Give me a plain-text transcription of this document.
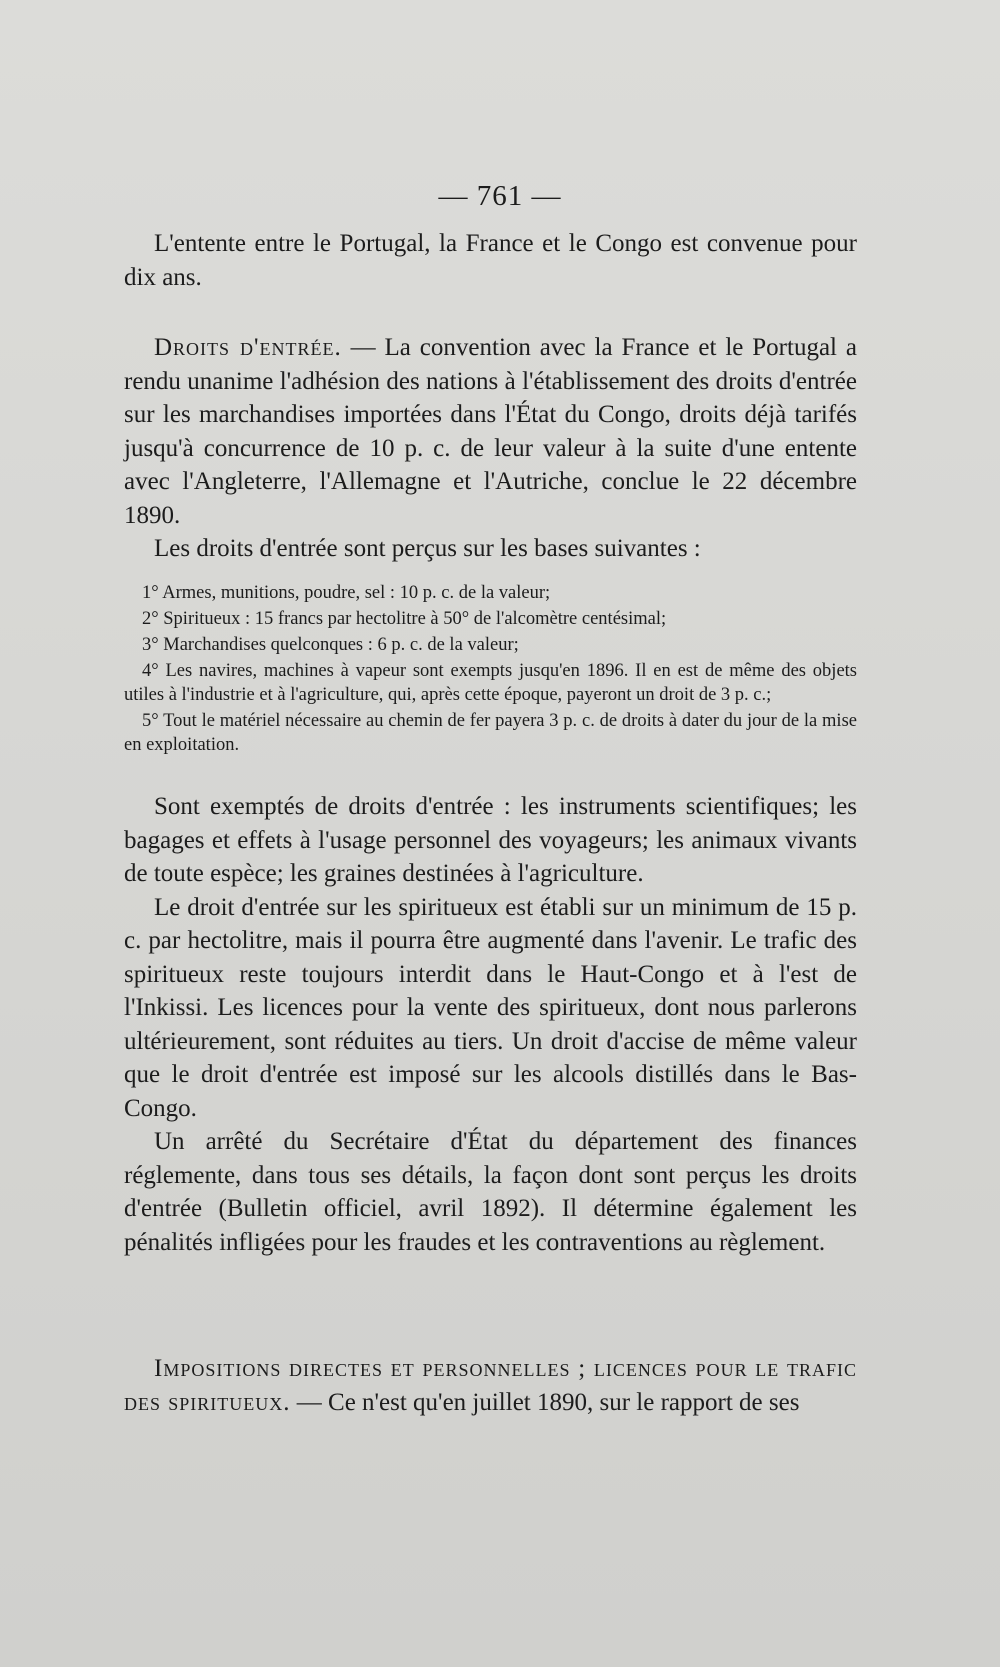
— 761 —

L'entente entre le Portugal, la France et le Congo est convenue pour dix ans.

Droits d'entrée. — La convention avec la France et le Portugal a rendu unanime l'adhésion des nations à l'établissement des droits d'entrée sur les marchandises importées dans l'État du Congo, droits déjà tarifés jusqu'à concurrence de 10 p. c. de leur valeur à la suite d'une entente avec l'Angleterre, l'Allemagne et l'Autriche, conclue le 22 décembre 1890.

Les droits d'entrée sont perçus sur les bases suivantes :

1° Armes, munitions, poudre, sel : 10 p. c. de la valeur;
2° Spiritueux : 15 francs par hectolitre à 50° de l'alcomètre centésimal;
3° Marchandises quelconques : 6 p. c. de la valeur;
4° Les navires, machines à vapeur sont exempts jusqu'en 1896. Il en est de même des objets utiles à l'industrie et à l'agriculture, qui, après cette époque, payeront un droit de 3 p. c.;
5° Tout le matériel nécessaire au chemin de fer payera 3 p. c. de droits à dater du jour de la mise en exploitation.

Sont exemptés de droits d'entrée : les instruments scientifiques; les bagages et effets à l'usage personnel des voyageurs; les animaux vivants de toute espèce; les graines destinées à l'agriculture.

Le droit d'entrée sur les spiritueux est établi sur un minimum de 15 p. c. par hectolitre, mais il pourra être augmenté dans l'avenir. Le trafic des spiritueux reste toujours interdit dans le Haut-Congo et à l'est de l'Inkissi. Les licences pour la vente des spiritueux, dont nous parlerons ultérieurement, sont réduites au tiers. Un droit d'accise de même valeur que le droit d'entrée est imposé sur les alcools distillés dans le Bas-Congo.

Un arrêté du Secrétaire d'État du département des finances réglemente, dans tous ses détails, la façon dont sont perçus les droits d'entrée (Bulletin officiel, avril 1892). Il détermine également les pénalités infligées pour les fraudes et les contraventions au règlement.

Impositions directes et personnelles ; licences pour le trafic des spiritueux. — Ce n'est qu'en juillet 1890, sur le rapport de ses
